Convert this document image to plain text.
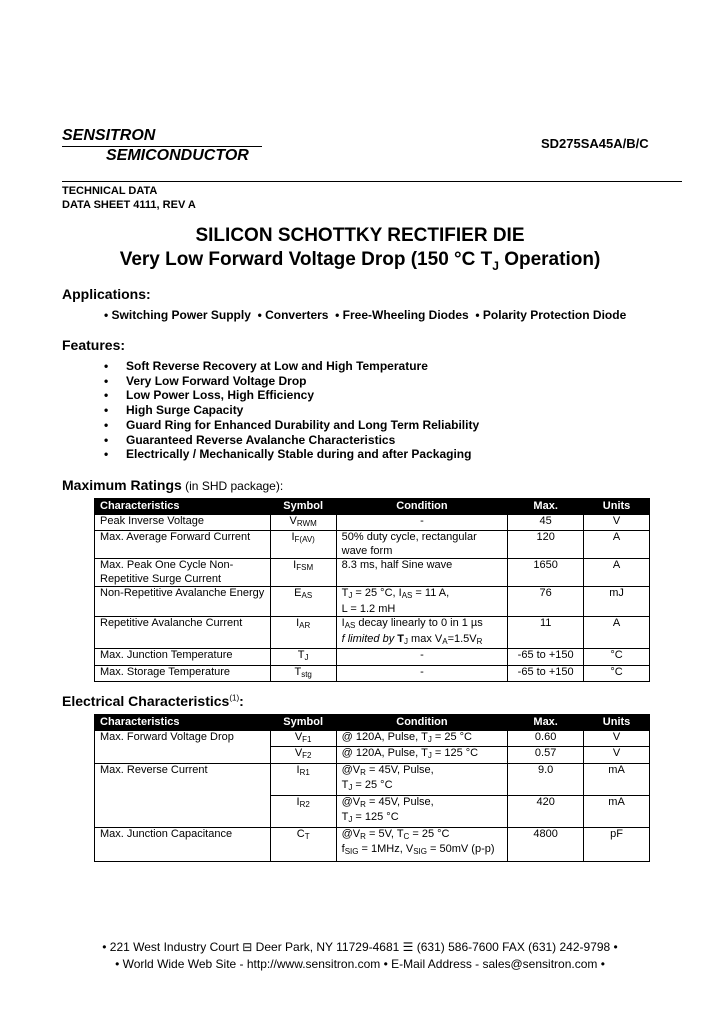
SENSITRON
SEMICONDUCTOR
SD275SA45A/B/C
TECHNICAL DATA
DATA SHEET 4111, REV A
SILICON SCHOTTKY RECTIFIER DIE
Very Low Forward Voltage Drop (150 °C $T_J$ Operation)
Applications:
• Switching Power Supply  • Converters  • Free-Wheeling Diodes  • Polarity Protection Diode
Features:
• Soft Reverse Recovery at Low and High Temperature
• Very Low Forward Voltage Drop
• Low Power Loss, High Efficiency
• High Surge Capacity
• Guard Ring for Enhanced Durability and Long Term Reliability
• Guaranteed Reverse Avalanche Characteristics
• Electrically / Mechanically Stable during and after Packaging
Maximum Ratings (in SHD package):
Characteristics	Symbol	Condition	Max.	Units
Peak Inverse Voltage	VRWM	-	45	V
Max. Average Forward Current	IF(AV)	50% duty cycle, rectangular wave form	120	A
Max. Peak One Cycle Non-Repetitive Surge Current	IFSM	8.3 ms, half Sine wave	1650	A
Non-Repetitive Avalanche Energy	EAS	TJ = 25 °C, IAS = 11 A,
L = 1.2 mH	76	mJ
Repetitive Avalanche Current	IAR	IAS decay linearly to 0 in 1 µs
f limited by TJ max VA=1.5VR	11	A
Max. Junction Temperature	TJ	-	-65 to +150	°C
Max. Storage Temperature	Tstg	-	-65 to +150	°C
Electrical Characteristics$^{(1)}$:
Characteristics	Symbol	Condition	Max.	Units
Max. Forward Voltage Drop	VF1	@ 120A, Pulse, TJ = 25 °C	0.60	V
	VF2	@ 120A, Pulse, TJ = 125 °C	0.57	V
Max. Reverse Current	IR1	@VR = 45V, Pulse,
TJ = 25 °C	9.0	mA
	IR2	@VR = 45V, Pulse,
TJ = 125 °C	420	mA
Max. Junction Capacitance	CT	@VR = 5V, TC = 25 °C
fSIG = 1MHz, VSIG = 50mV (p-p)	4800	pF
• 221 West Industry Court ⊟ Deer Park, NY 11729-4681 ☰ (631) 586-7600 FAX (631) 242-9798 •
• World Wide Web Site - http://www.sensitron.com • E-Mail Address - sales@sensitron.com •
